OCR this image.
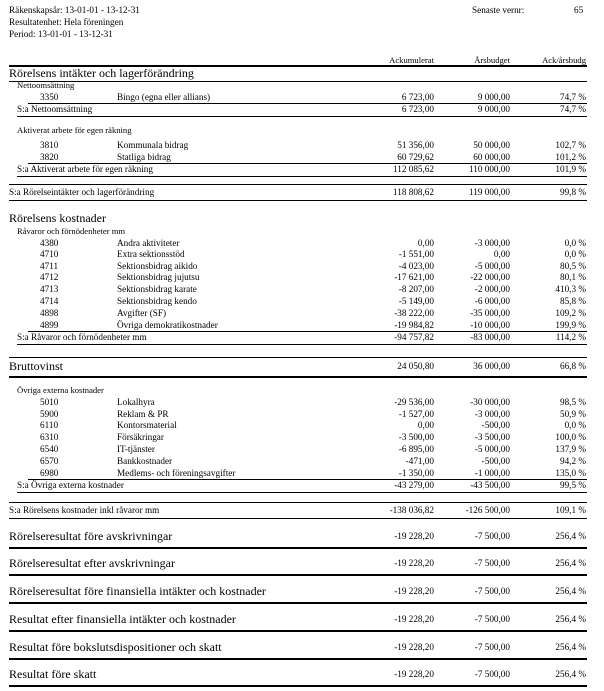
Räkenskapsår: 13-01-01 - 13-12-31
Resultatenhet: Hela föreningen
Period: 13-01-01 - 13-12-31
Senaste vernr:	65
Ackumulerat	Årsbudget	Ack/årsbudg
Rörelsens intäkter och lagerförändring
Nettoomsättning
3350	Bingo (egna eller allians)	6 723,00	9 000,00	74,7 %
S:a Nettoomsättning	6 723,00	9 000,00	74,7 %
Aktiverat arbete för egen räkning
3810	Kommunala bidrag	51 356,00	50 000,00	102,7 %
3820	Statliga bidrag	60 729,62	60 000,00	101,2 %
S:a Aktiverat arbete för egen räkning	112 085,62	110 000,00	101,9 %
S:a Rörelseintäkter och lagerförändring	118 808,62	119 000,00	99,8 %
Rörelsens kostnader
Råvaror och förnödenheter mm
4380	Andra aktiviteter	0,00	-3 000,00	0,0 %
4710	Extra sektionsstöd	-1 551,00	0,00	0,0 %
4711	Sektionsbidrag aikido	-4 023,00	-5 000,00	80,5 %
4712	Sektionsbidrag jujutsu	-17 621,00	-22 000,00	80,1 %
4713	Sektionsbidrag karate	-8 207,00	-2 000,00	410,3 %
4714	Sektionsbidrag kendo	-5 149,00	-6 000,00	85,8 %
4898	Avgifter (SF)	-38 222,00	-35 000,00	109,2 %
4899	Övriga demokratikostnader	-19 984,82	-10 000,00	199,9 %
S:a Råvaror och förnödenheter mm	-94 757,82	-83 000,00	114,2 %
Bruttovinst	24 050,80	36 000,00	66,8 %
Övriga externa kostnader
5010	Lokalhyra	-29 536,00	-30 000,00	98,5 %
5900	Reklam & PR	-1 527,00	-3 000,00	50,9 %
6110	Kontorsmaterial	0,00	-500,00	0,0 %
6310	Försäkringar	-3 500,00	-3 500,00	100,0 %
6540	IT-tjänster	-6 895,00	-5 000,00	137,9 %
6570	Bankkostnader	-471,00	-500,00	94,2 %
6980	Medlems- och föreningsavgifter	-1 350,00	-1 000,00	135,0 %
S:a Övriga externa kostnader	-43 279,00	-43 500,00	99,5 %
S:a Rörelsens kostnader inkl råvaror mm	-138 036,82	-126 500,00	109,1 %
Rörelseresultat före avskrivningar	-19 228,20	-7 500,00	256,4 %
Rörelseresultat efter avskrivningar	-19 228,20	-7 500,00	256,4 %
Rörelseresultat före finansiella intäkter och kostnader	-19 228,20	-7 500,00	256,4 %
Resultat efter finansiella intäkter och kostnader	-19 228,20	-7 500,00	256,4 %
Resultat före bokslutsdispositioner och skatt	-19 228,20	-7 500,00	256,4 %
Resultat före skatt	-19 228,20	-7 500,00	256,4 %
